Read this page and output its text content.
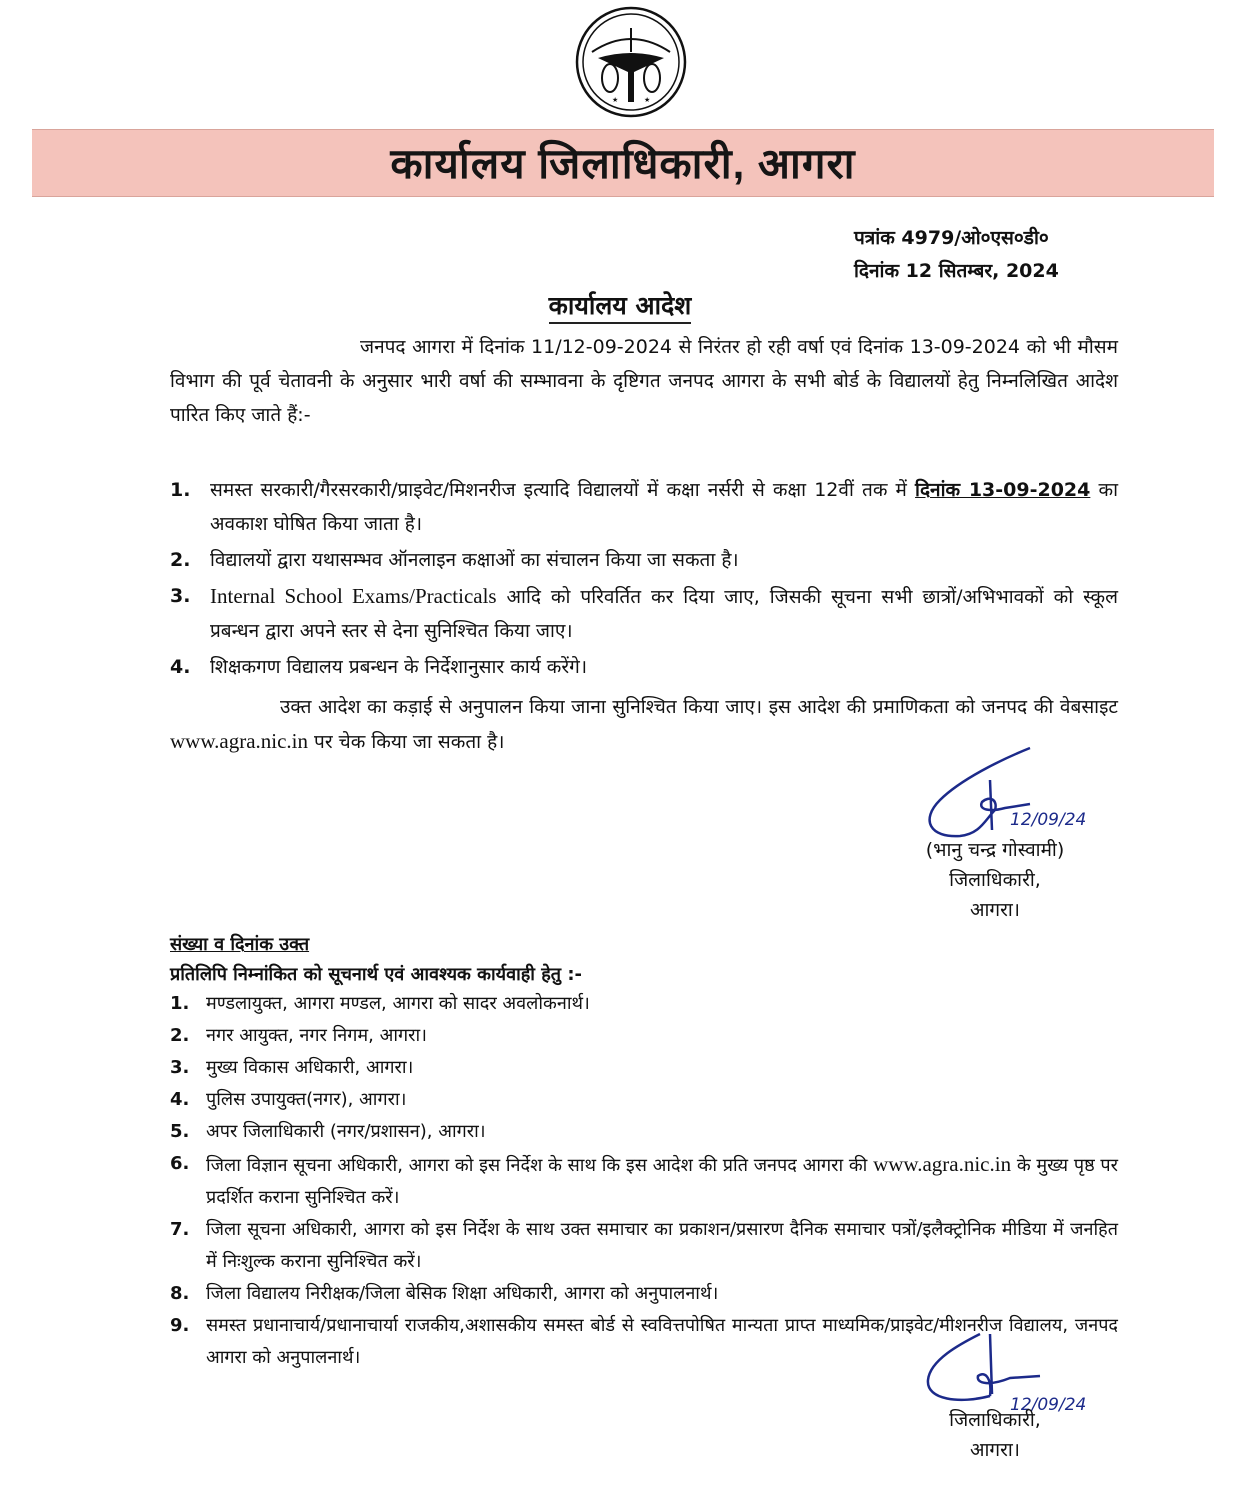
★	★
कार्यालय जिलाधिकारी, आगरा
पत्रांक 4979/ओ०एस०डी०
दिनांक 12 सितम्बर, 2024
कार्यालय आदेश
जनपद आगरा में दिनांक 11/12-09-2024 से निरंतर हो रही वर्षा एवं दिनांक 13-09-2024 को भी मौसम विभाग की पूर्व चेतावनी के अनुसार भारी वर्षा की सम्भावना के दृष्टिगत जनपद आगरा के सभी बोर्ड के विद्यालयों हेतु निम्नलिखित आदेश पारित किए जाते हैं:-
1. समस्त सरकारी/गैरसरकारी/प्राइवेट/मिशनरीज इत्यादि विद्यालयों में कक्षा नर्सरी से कक्षा 12वीं तक में दिनांक 13-09-2024 का अवकाश घोषित किया जाता है।
2. विद्यालयों द्वारा यथासम्भव ऑनलाइन कक्षाओं का संचालन किया जा सकता है।
3. Internal School Exams/Practicals आदि को परिवर्तित कर दिया जाए, जिसकी सूचना सभी छात्रों/अभिभावकों को स्कूल प्रबन्धन द्वारा अपने स्तर से देना सुनिश्चित किया जाए।
4. शिक्षकगण विद्यालय प्रबन्धन के निर्देशानुसार कार्य करेंगे।
उक्त आदेश का कड़ाई से अनुपालन किया जाना सुनिश्चित किया जाए। इस आदेश की प्रमाणिकता को जनपद की वेबसाइट www.agra.nic.in पर चेक किया जा सकता है।
12/09/24
(भानु चन्द्र गोस्वामी)
जिलाधिकारी,
आगरा।
संख्या व दिनांक उक्त
प्रतिलिपि निम्नांकित को सूचनार्थ एवं आवश्यक कार्यवाही हेतु :-
1. मण्डलायुक्त, आगरा मण्डल, आगरा को सादर अवलोकनार्थ।
2. नगर आयुक्त, नगर निगम, आगरा।
3. मुख्य विकास अधिकारी, आगरा।
4. पुलिस उपायुक्त(नगर), आगरा।
5. अपर जिलाधिकारी (नगर/प्रशासन), आगरा।
6. जिला विज्ञान सूचना अधिकारी, आगरा को इस निर्देश के साथ कि इस आदेश की प्रति जनपद आगरा की www.agra.nic.in के मुख्य पृष्ठ पर प्रदर्शित कराना सुनिश्चित करें।
7. जिला सूचना अधिकारी, आगरा को इस निर्देश के साथ उक्त समाचार का प्रकाशन/प्रसारण दैनिक समाचार पत्रों/इलैक्ट्रोनिक मीडिया में जनहित में निःशुल्क कराना सुनिश्चित करें।
8. जिला विद्यालय निरीक्षक/जिला बेसिक शिक्षा अधिकारी, आगरा को अनुपालनार्थ।
9. समस्त प्रधानाचार्य/प्रधानाचार्या राजकीय,अशासकीय समस्त बोर्ड से स्ववित्तपोषित मान्यता प्राप्त माध्यमिक/प्राइवेट/मीशनरीज विद्यालय, जनपद आगरा को अनुपालनार्थ।
12/09/24
जिलाधिकारी,
आगरा।
